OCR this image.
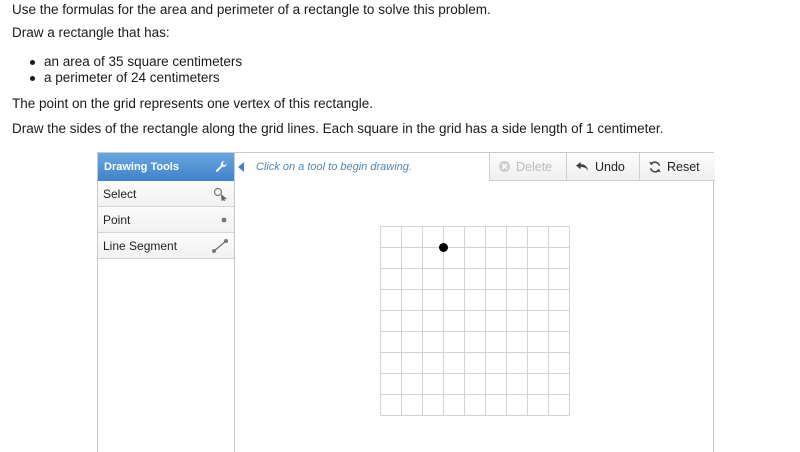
Use the formulas for the area and perimeter of a rectangle to solve this problem.

Draw a rectangle that has:

an area of 35 square centimeters
a perimeter of 24 centimeters

The point on the grid represents one vertex of this rectangle.

Draw the sides of the rectangle along the grid lines. Each square in the grid has a side length of 1 centimeter.

Drawing Tools
Select
Point
Line Segment
Click on a tool to begin drawing.	Delete	Undo	Reset
